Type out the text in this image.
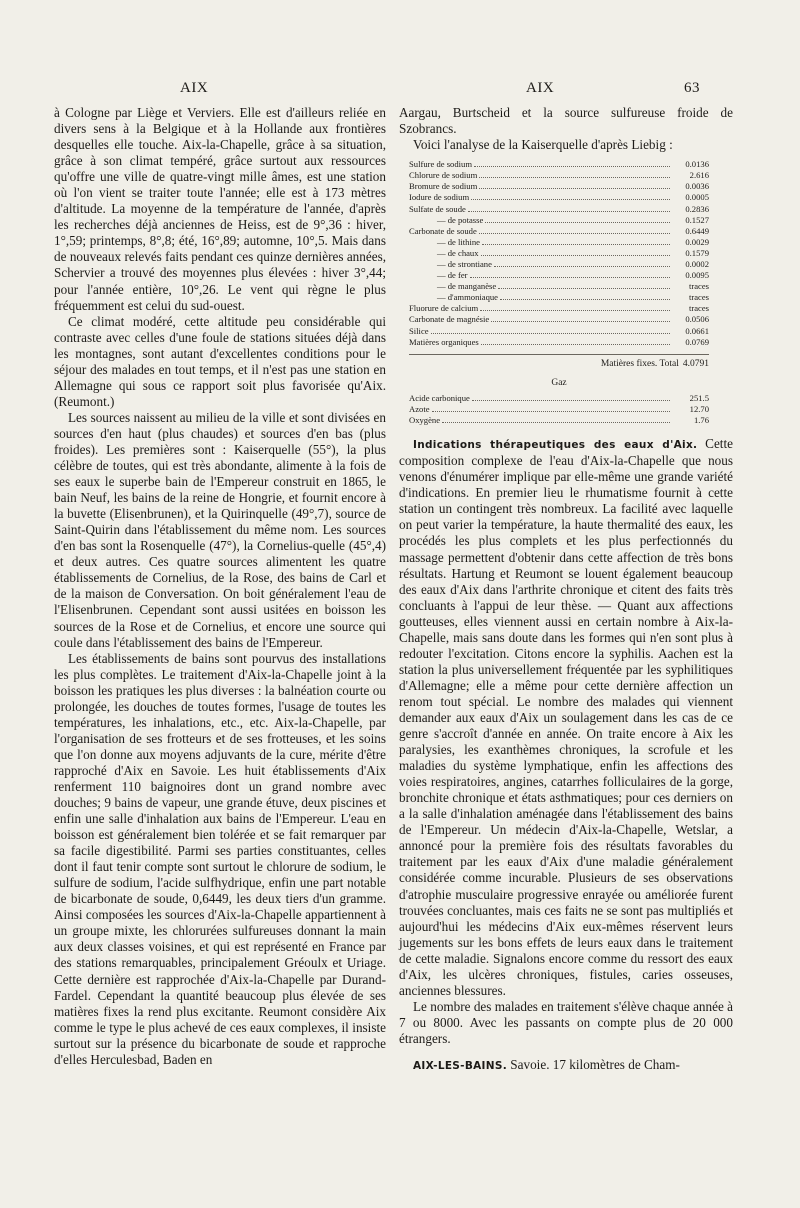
AIX	AIX	63

à Cologne par Liège et Verviers. Elle est d'ailleurs reliée en divers sens à la Belgique et à la Hollande aux frontières desquelles elle touche. Aix-la-Chapelle, grâce à sa situation, grâce à son climat tempéré, grâce surtout aux ressources qu'offre une ville de quatre-vingt mille âmes, est une station où l'on vient se traiter toute l'année; elle est à 173 mètres d'altitude. La moyenne de la température de l'année, d'après les recherches déjà anciennes de Heiss, est de 9°,36 : hiver, 1°,59; printemps, 8°,8; été, 16°,89; automne, 10°,5. Mais dans de nouveaux relevés faits pendant ces quinze dernières années, Schervier a trouvé des moyennes plus élevées : hiver 3°,44; pour l'année entière, 10°,26. Le vent qui règne le plus fréquemment est celui du sud-ouest.

Ce climat modéré, cette altitude peu considérable qui contraste avec celles d'une foule de stations situées déjà dans les montagnes, sont autant d'excellentes conditions pour le séjour des malades en tout temps, et il n'est pas une station en Allemagne qui sous ce rapport soit plus favorisée qu'Aix. (Reumont.)

Les sources naissent au milieu de la ville et sont divisées en sources d'en haut (plus chaudes) et sources d'en bas (plus froides). Les premières sont : Kaiserquelle (55°), la plus célèbre de toutes, qui est très abondante, alimente à la fois de ses eaux le superbe bain de l'Empereur construit en 1865, le bain Neuf, les bains de la reine de Hongrie, et fournit encore à la buvette (Elisenbrunen), et la Quirinquelle (49°,7), source de Saint-Quirin dans l'établissement du même nom. Les sources d'en bas sont la Rosenquelle (47°), la Cornelius-quelle (45°,4) et deux autres. Ces quatre sources alimentent les quatre établissements de Cornelius, de la Rose, des bains de Carl et de la maison de Conversation. On boit généralement l'eau de l'Elisenbrunen. Cependant sont aussi usitées en boisson les sources de la Rose et de Cornelius, et encore une source qui coule dans l'établissement des bains de l'Empereur.

Les établissements de bains sont pourvus des installations les plus complètes. Le traitement d'Aix-la-Chapelle joint à la boisson les pratiques les plus diverses : la balnéation courte ou prolongée, les douches de toutes formes, l'usage de toutes les températures, les inhalations, etc., etc. Aix-la-Chapelle, par l'organisation de ses frotteurs et de ses frotteuses, et les soins que l'on donne aux moyens adjuvants de la cure, mérite d'être rapproché d'Aix en Savoie. Les huit établissements d'Aix renferment 110 baignoires dont un grand nombre avec douches; 9 bains de vapeur, une grande étuve, deux piscines et enfin une salle d'inhalation aux bains de l'Empereur. L'eau en boisson est généralement bien tolérée et se fait remarquer par sa facile digestibilité. Parmi ses parties constituantes, celles dont il faut tenir compte sont surtout le chlorure de sodium, le sulfure de sodium, l'acide sulfhydrique, enfin une part notable de bicarbonate de soude, 0,6449, les deux tiers d'un gramme. Ainsi composées les sources d'Aix-la-Chapelle appartiennent à un groupe mixte, les chlorurées sulfureuses donnant la main aux deux classes voisines, et qui est représenté en France par des stations remarquables, principalement Gréoulx et Uriage. Cette dernière est rapprochée d'Aix-la-Chapelle par Durand-Fardel. Cependant la quantité beaucoup plus élevée de ses matières fixes la rend plus excitante. Reumont considère Aix comme le type le plus achevé de ces eaux complexes, il insiste surtout sur la présence du bicarbonate de soude et rapproche d'elles Herculesbad, Baden en

Aargau, Burtscheid et la source sulfureuse froide de Szobrancs.

Voici l'analyse de la Kaiserquelle d'après Liebig :

Sulfure de sodium	0.0136
Chlorure de sodium	2.616
Bromure de sodium	0.0036
Iodure de sodium	0.0005
Sulfate de soude	0.2836
— de potasse	0.1527
Carbonate de soude	0.6449
— de lithine	0.0029
— de chaux	0.1579
— de strontiane	0.0002
— de fer	0.0095
— de manganèse	traces
— d'ammoniaque	traces
Fluorure de calcium	traces
Carbonate de magnésie	0.0506
Silice	0.0661
Matières organiques	0.0769
Matières fixes. Total 4.0791
Gaz
Acide carbonique	251.5
Azote	12.70
Oxygène	1.76

Indications thérapeutiques des eaux d'Aix. Cette composition complexe de l'eau d'Aix-la-Chapelle que nous venons d'énumérer implique par elle-même une grande variété d'indications. En premier lieu le rhumatisme fournit à cette station un contingent très nombreux. La facilité avec laquelle on peut varier la température, la haute thermalité des eaux, les procédés les plus complets et les plus perfectionnés du massage permettent d'obtenir dans cette affection de très bons résultats. Hartung et Reumont se louent également beaucoup des eaux d'Aix dans l'arthrite chronique et citent des faits très concluants à l'appui de leur thèse. — Quant aux affections goutteuses, elles viennent aussi en certain nombre à Aix-la-Chapelle, mais sans doute dans les formes qui n'en sont plus à redouter l'excitation. Citons encore la syphilis. Aachen est la station la plus universellement fréquentée par les syphilitiques d'Allemagne; elle a même pour cette dernière affection un renom tout spécial. Le nombre des malades qui viennent demander aux eaux d'Aix un soulagement dans les cas de ce genre s'accroît d'année en année. On traite encore à Aix les paralysies, les exanthèmes chroniques, la scrofule et les maladies du système lymphatique, enfin les affections des voies respiratoires, angines, catarrhes folliculaires de la gorge, bronchite chronique et états asthmatiques; pour ces derniers on a la salle d'inhalation aménagée dans l'établissement des bains de l'Empereur. Un médecin d'Aix-la-Chapelle, Wetslar, a annoncé pour la première fois des résultats favorables du traitement par les eaux d'Aix d'une maladie généralement considérée comme incurable. Plusieurs de ses observations d'atrophie musculaire progressive enrayée ou améliorée furent trouvées concluantes, mais ces faits ne se sont pas multipliés et aujourd'hui les médecins d'Aix eux-mêmes réservent leurs jugements sur les bons effets de leurs eaux dans le traitement de cette maladie. Signalons encore comme du ressort des eaux d'Aix, les ulcères chroniques, fistules, caries osseuses, anciennes blessures.

Le nombre des malades en traitement s'élève chaque année à 7 ou 8000. Avec les passants on compte plus de 20 000 étrangers.

AIX-LES-BAINS. Savoie. 17 kilomètres de Cham-
